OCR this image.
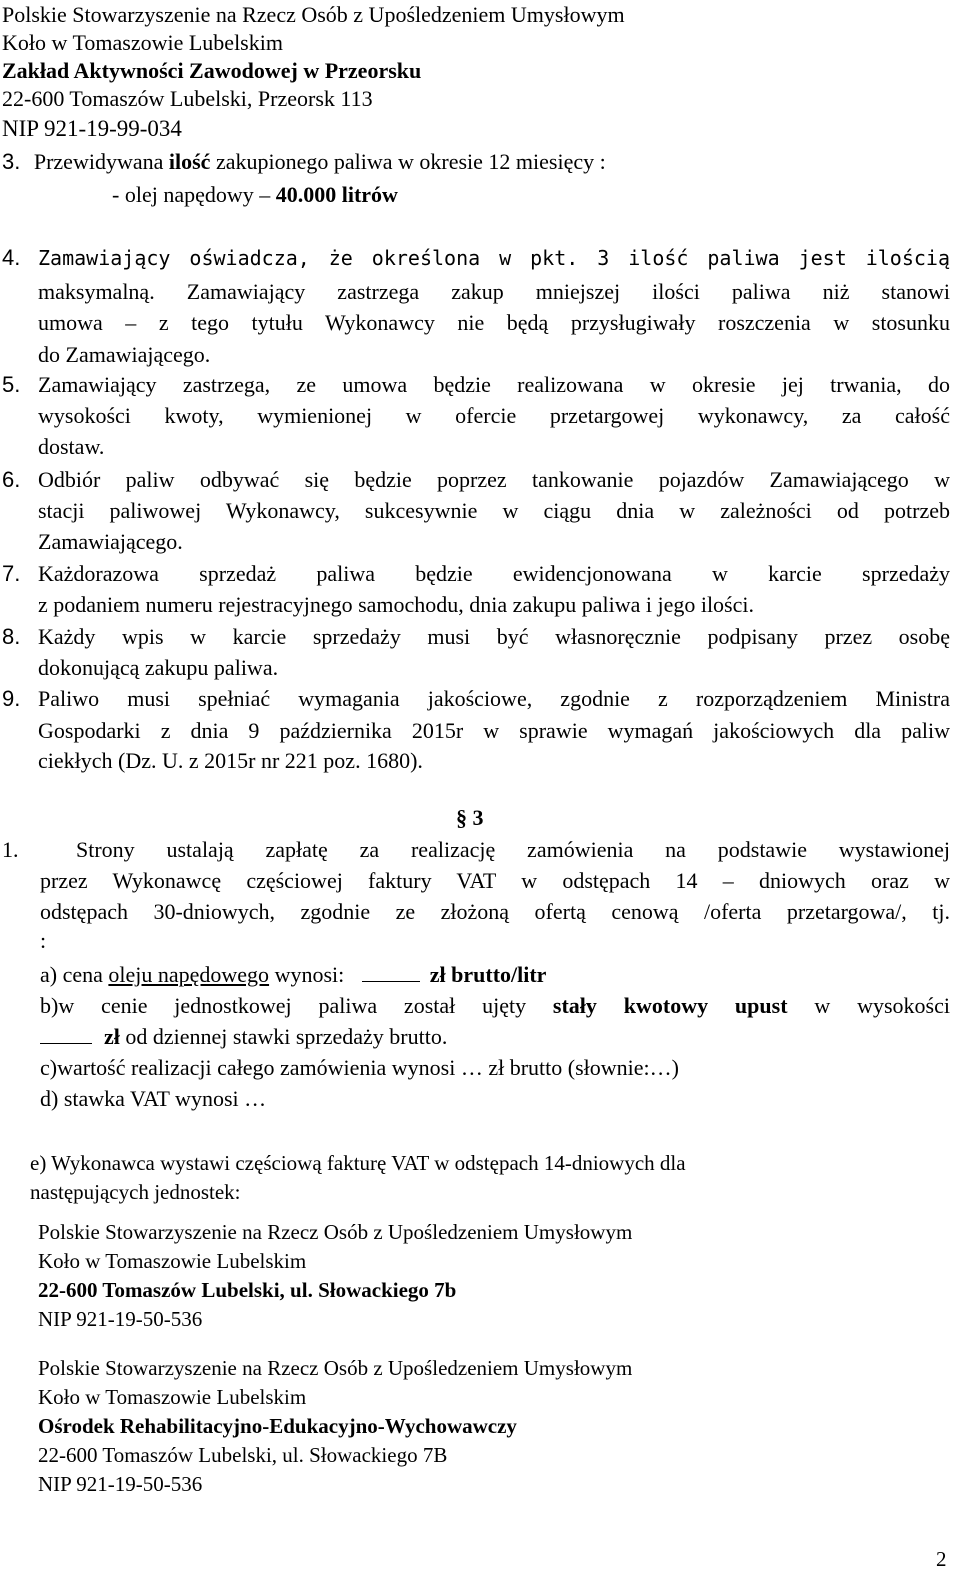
Polskie Stowarzyszenie na Rzecz Osób z Upośledzeniem Umysłowym
Koło w Tomaszowie Lubelskim
Zakład Aktywności Zawodowej w Przeorsku
22-600 Tomaszów Lubelski, Przeorsk 113
NIP 921-19-99-034
3. Przewidywana ilość zakupionego paliwa w okresie 12 miesięcy :
- olej napędowy – 40.000 litrów
4. Zamawiający oświadcza, że określona w pkt. 3 ilość paliwa jest ilością
maksymalną. Zamawiający zastrzega zakup mniejszej ilości paliwa niż stanowi
umowa – z tego tytułu Wykonawcy nie będą przysługiwały roszczenia w stosunku
do Zamawiającego.
5. Zamawiający zastrzega, ze umowa będzie realizowana w okresie jej trwania, do
wysokości kwoty, wymienionej w ofercie przetargowej wykonawcy, za całość
dostaw.
6. Odbiór paliw odbywać się będzie poprzez tankowanie pojazdów Zamawiającego w
stacji paliwowej Wykonawcy, sukcesywnie w ciągu dnia w zależności od potrzeb
Zamawiającego.
7. Każdorazowa sprzedaż paliwa będzie ewidencjonowana w karcie sprzedaży
z podaniem numeru rejestracyjnego samochodu, dnia zakupu paliwa i jego ilości.
8. Każdy wpis w karcie sprzedaży musi być własnoręcznie podpisany przez osobę
dokonującą zakupu paliwa.
9. Paliwo musi spełniać wymagania jakościowe, zgodnie z rozporządzeniem Ministra
Gospodarki z dnia 9 października 2015r w sprawie wymagań jakościowych dla paliw
ciekłych (Dz. U. z 2015r nr 221 poz. 1680).
§ 3
1.	Strony ustalają zapłatę za realizację zamówienia na podstawie wystawionej
przez Wykonawcę częściowej faktury VAT w odstępach 14 – dniowych oraz w
odstępach 30-dniowych, zgodnie ze złożoną ofertą cenową /oferta przetargowa/, tj.
:
a) cena oleju napędowego wynosi:	zł brutto/litr
b)w cenie jednostkowej paliwa został ujęty stały kwotowy upust w wysokości
zł od dziennej stawki sprzedaży brutto.
c)wartość realizacji całego zamówienia wynosi … zł brutto (słownie:…)
d) stawka VAT wynosi …
e) Wykonawca wystawi częściową fakturę VAT w odstępach 14-dniowych dla
następujących jednostek:
Polskie Stowarzyszenie na Rzecz Osób z Upośledzeniem Umysłowym
Koło w Tomaszowie Lubelskim
22-600 Tomaszów Lubelski, ul. Słowackiego 7b
NIP 921-19-50-536
Polskie Stowarzyszenie na Rzecz Osób z Upośledzeniem Umysłowym
Koło w Tomaszowie Lubelskim
Ośrodek Rehabilitacyjno-Edukacyjno-Wychowawczy
22-600 Tomaszów Lubelski, ul. Słowackiego 7B
NIP 921-19-50-536
2
